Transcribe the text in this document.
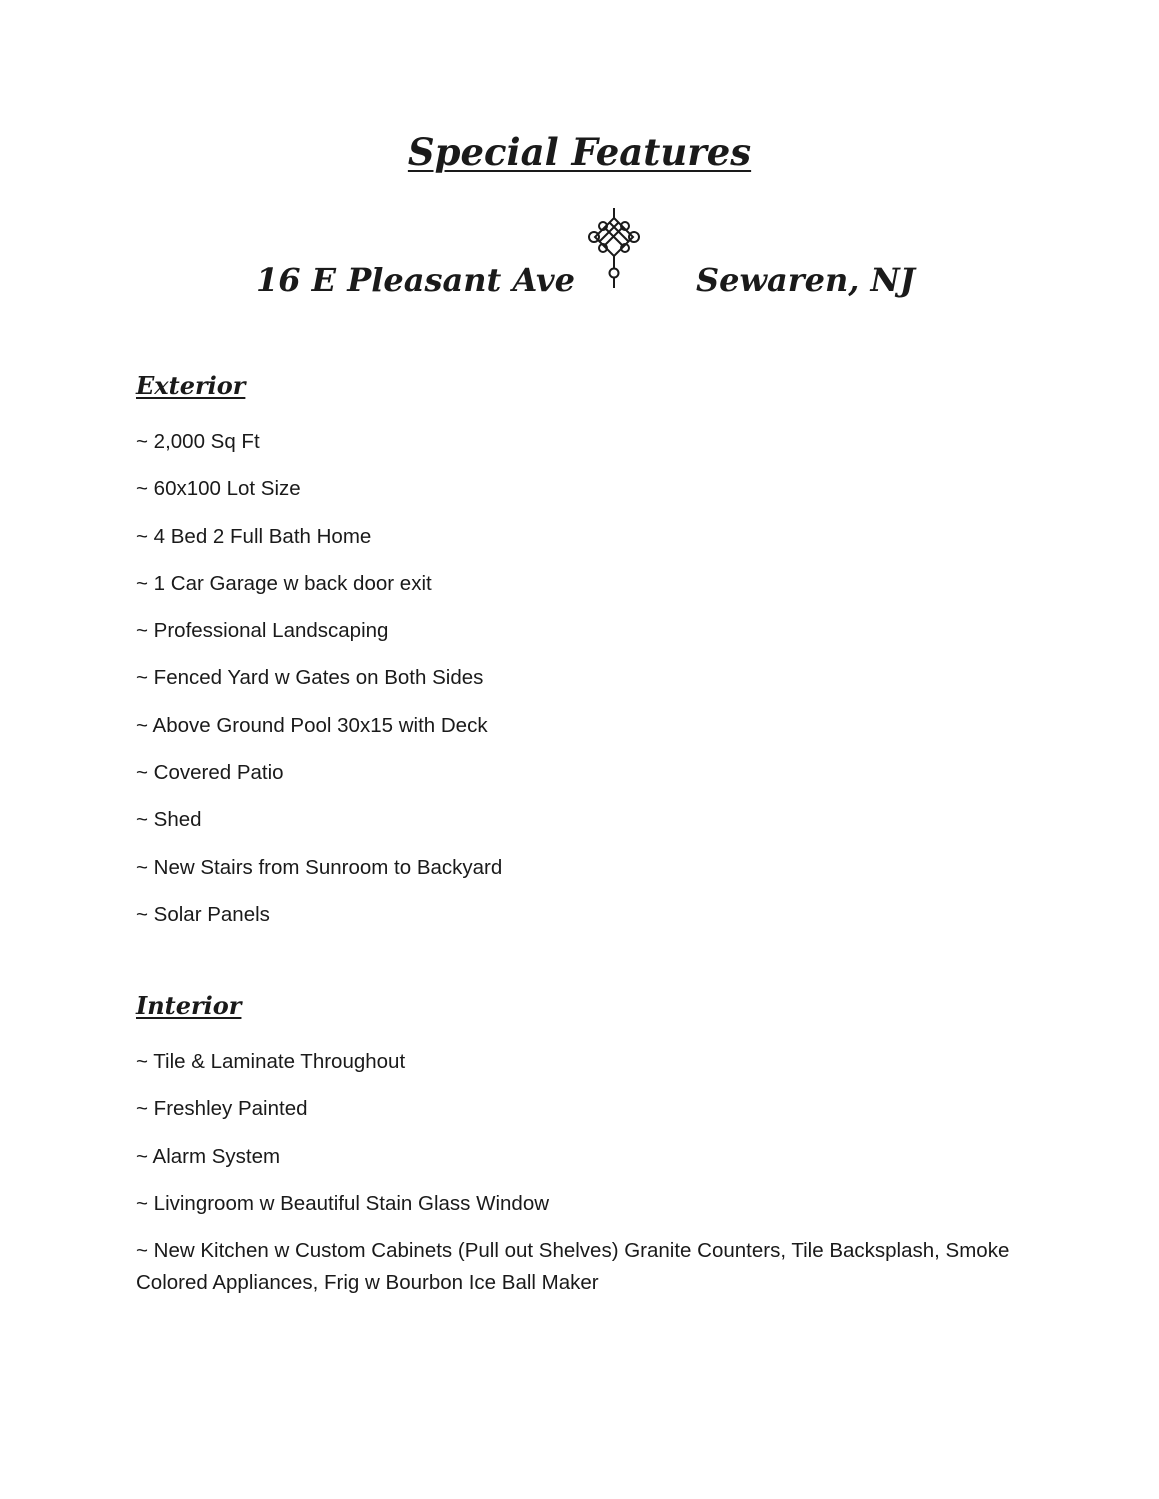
Special Features
16 E Pleasant Ave	Sewaren, NJ
Exterior
~ 2,000 Sq Ft
~ 60x100 Lot Size
~ 4 Bed 2 Full Bath Home
~ 1 Car Garage w back door exit
~ Professional Landscaping
~ Fenced Yard w Gates on Both Sides
~ Above Ground Pool 30x15 with Deck
~ Covered Patio
~ Shed
~ New Stairs from Sunroom to Backyard
~ Solar Panels
Interior
~ Tile & Laminate Throughout
~ Freshley Painted
~ Alarm System
~ Livingroom w Beautiful Stain Glass Window
~ New Kitchen w Custom Cabinets (Pull out Shelves) Granite Counters, Tile Backsplash, Smoke Colored Appliances, Frig w Bourbon Ice Ball Maker
